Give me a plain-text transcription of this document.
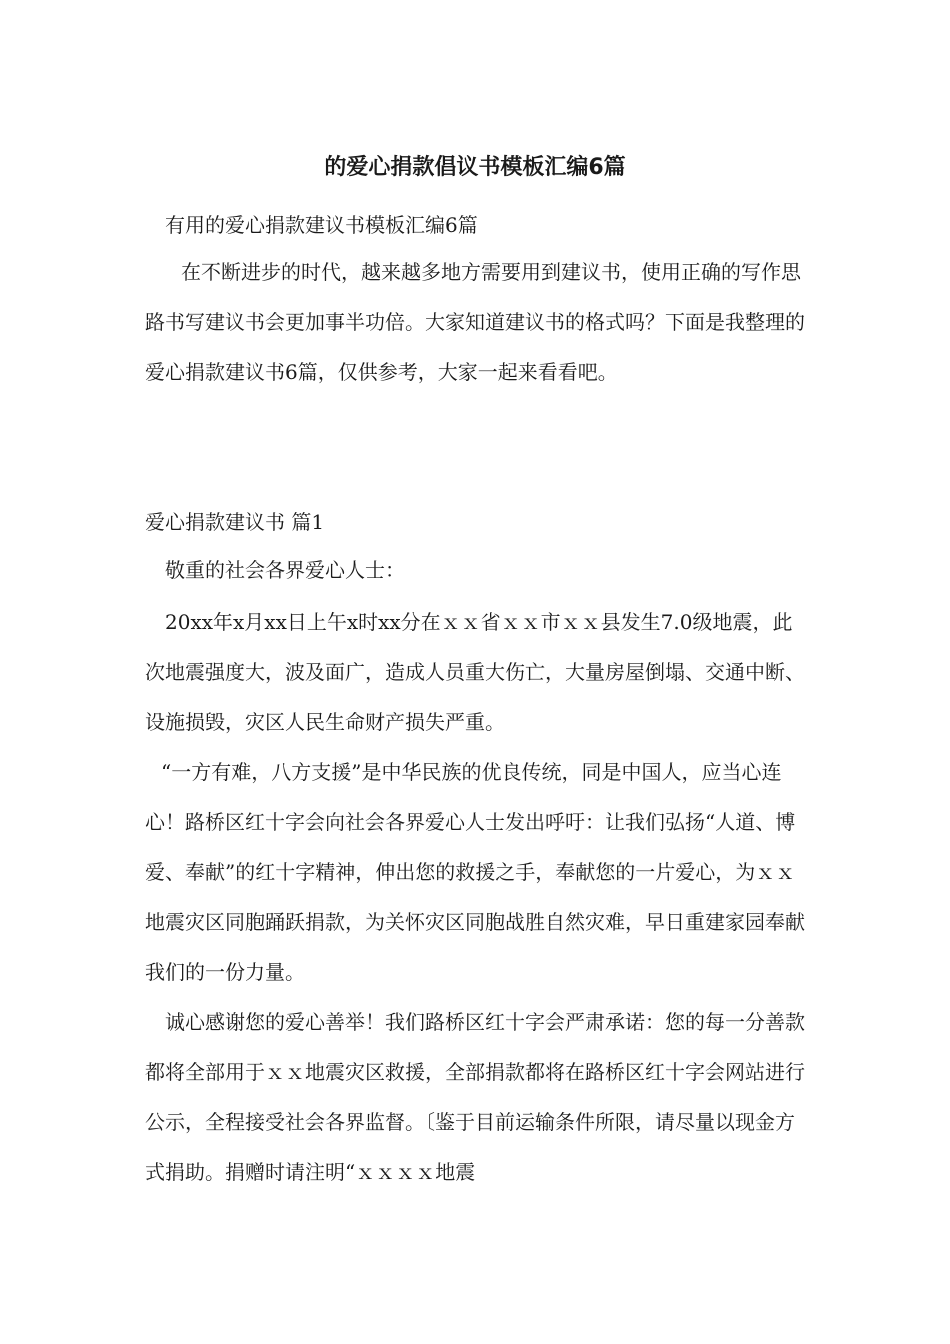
的爱心捐款倡议书模板汇编6篇

有用的爱心捐款建议书模板汇编6篇

在不断进步的时代，越来越多地方需要用到建议书，使用正确的写作思路书写建议书会更加事半功倍。大家知道建议书的格式吗？下面是我整理的爱心捐款建议书6篇，仅供参考，大家一起来看看吧。

爱心捐款建议书 篇1

敬重的社会各界爱心人士：

20xx年x月xx日上午x时xx分在ｘｘ省ｘｘ市ｘｘ县发生7.0级地震，此次地震强度大，波及面广，造成人员重大伤亡，大量房屋倒塌、交通中断、设施损毁，灾区人民生命财产损失严重。

“一方有难，八方支援”是中华民族的优良传统，同是中国人，应当心连心！路桥区红十字会向社会各界爱心人士发出呼吁：让我们弘扬“人道、博爱、奉献”的红十字精神，伸出您的救援之手，奉献您的一片爱心，为ｘｘ地震灾区同胞踊跃捐款，为关怀灾区同胞战胜自然灾难，早日重建家园奉献我们的一份力量。

诚心感谢您的爱心善举！我们路桥区红十字会严肃承诺：您的每一分善款都将全部用于ｘｘ地震灾区救援，全部捐款都将在路桥区红十字会网站进行公示，全程接受社会各界监督。〔鉴于目前运输条件所限，请尽量以现金方式捐助。捐赠时请注明“ｘｘｘｘ地震
